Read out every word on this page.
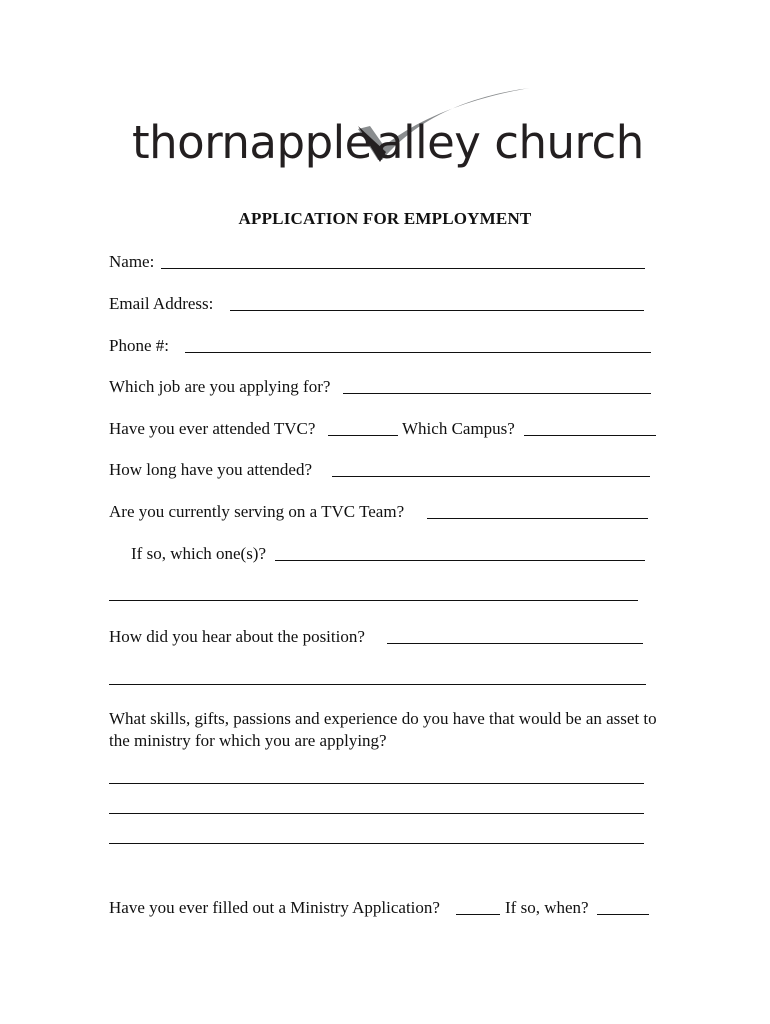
thornapple alley church
APPLICATION FOR EMPLOYMENT
Name:
Email Address:
Phone #:
Which job are you applying for?
Have you ever attended TVC?	Which Campus?
How long have you attended?
Are you currently serving on a TVC Team?
If so, which one(s)?
How did you hear about the position?
What skills, gifts, passions and experience do you have that would be an asset to the ministry for which you are applying?
Have you ever filled out a Ministry Application?	If so, when?
